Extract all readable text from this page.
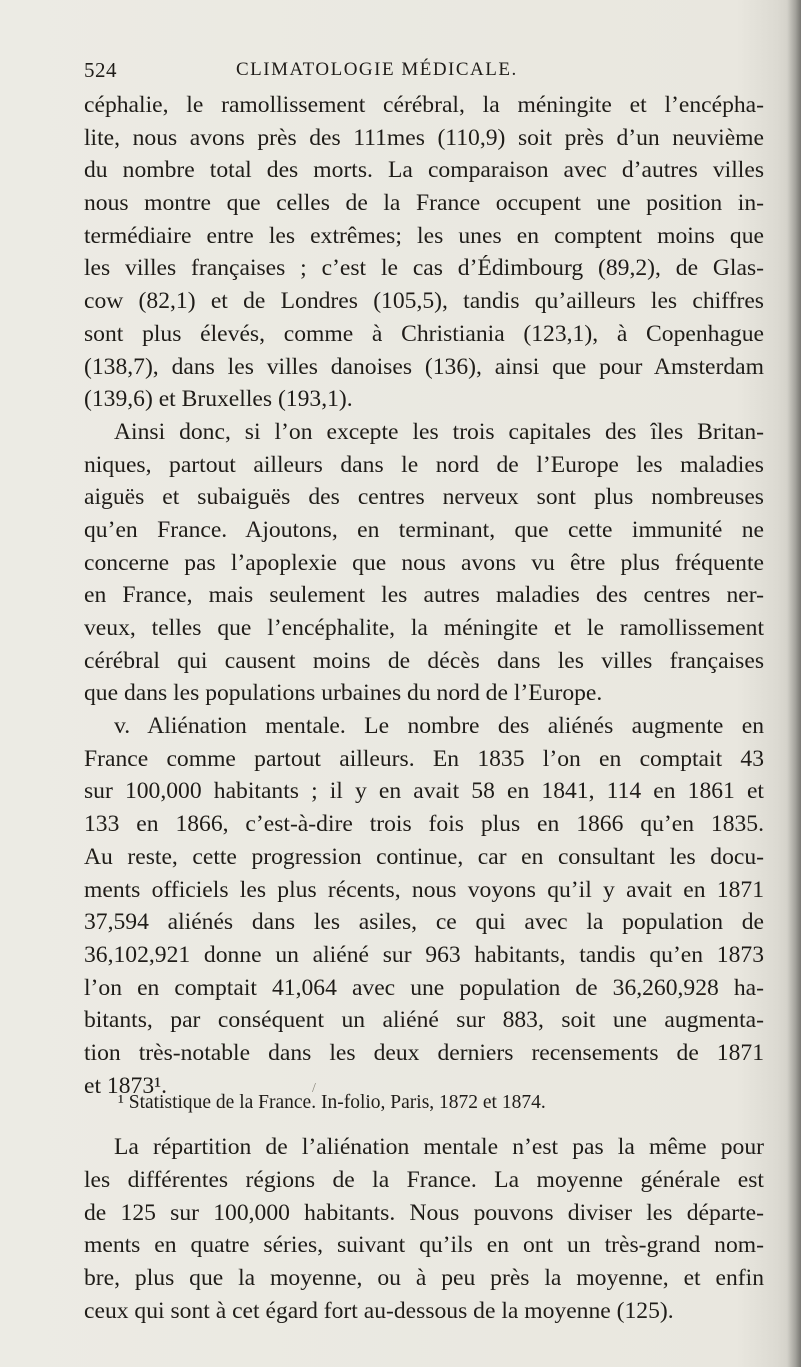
524	CLIMATOLOGIE MÉDICALE.
céphalie, le ramollissement cérébral, la méningite et l’encépha-
lite, nous avons près des 111mes (110,9) soit près d’un neuvième
du nombre total des morts. La comparaison avec d’autres villes
nous montre que celles de la France occupent une position in-
termédiaire entre les extrêmes; les unes en comptent moins que
les villes françaises ; c’est le cas d’Édimbourg (89,2), de Glas-
cow (82,1) et de Londres (105,5), tandis qu’ailleurs les chiffres
sont plus élevés, comme à Christiania (123,1), à Copenhague
(138,7), dans les villes danoises (136), ainsi que pour Amsterdam
(139,6) et Bruxelles (193,1).
Ainsi donc, si l’on excepte les trois capitales des îles Britan-
niques, partout ailleurs dans le nord de l’Europe les maladies
aiguës et subaiguës des centres nerveux sont plus nombreuses
qu’en France. Ajoutons, en terminant, que cette immunité ne
concerne pas l’apoplexie que nous avons vu être plus fréquente
en France, mais seulement les autres maladies des centres ner-
veux, telles que l’encéphalite, la méningite et le ramollissement
cérébral qui causent moins de décès dans les villes françaises
que dans les populations urbaines du nord de l’Europe.
v. Aliénation mentale. Le nombre des aliénés augmente en
France comme partout ailleurs. En 1835 l’on en comptait 43
sur 100,000 habitants ; il y en avait 58 en 1841, 114 en 1861 et
133 en 1866, c’est-à-dire trois fois plus en 1866 qu’en 1835.
Au reste, cette progression continue, car en consultant les docu-
ments officiels les plus récents, nous voyons qu’il y avait en 1871
37,594 aliénés dans les asiles, ce qui avec la population de
36,102,921 donne un aliéné sur 963 habitants, tandis qu’en 1873
l’on en comptait 41,064 avec une population de 36,260,928 ha-
bitants, par conséquent un aliéné sur 883, soit une augmenta-
tion très-notable dans les deux derniers recensements de 1871
et 1873¹.
La répartition de l’aliénation mentale n’est pas la même pour
les différentes régions de la France. La moyenne générale est
de 125 sur 100,000 habitants. Nous pouvons diviser les départe-
ments en quatre séries, suivant qu’ils en ont un très-grand nom-
bre, plus que la moyenne, ou à peu près la moyenne, et enfin
ceux qui sont à cet égard fort au-dessous de la moyenne (125).
/
¹ Statistique de la France. In-folio, Paris, 1872 et 1874.
